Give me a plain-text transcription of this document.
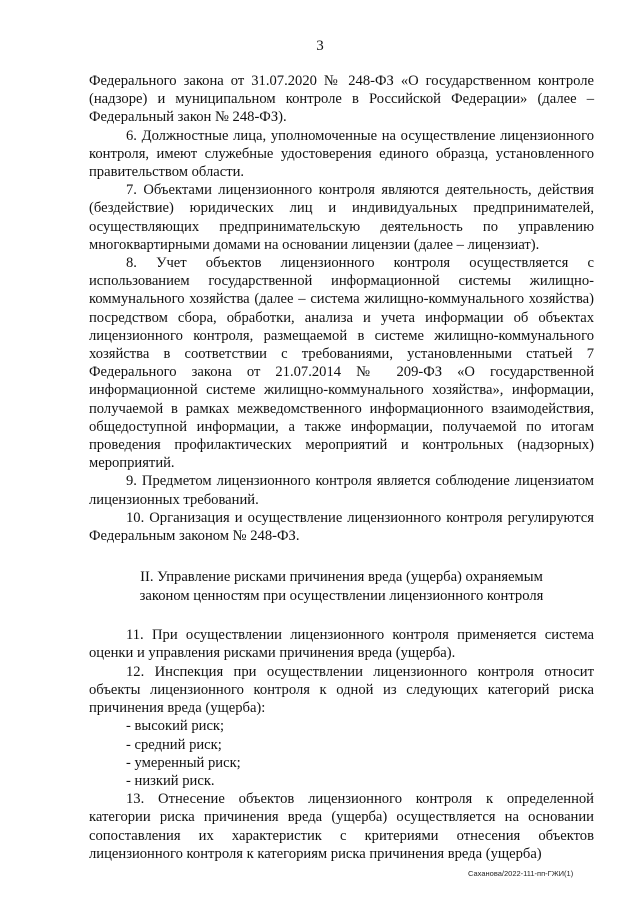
3

Федерального закона от 31.07.2020 № 248-ФЗ «О государственном контроле (надзоре) и муниципальном контроле в Российской Федерации» (далее – Федеральный закон № 248-ФЗ).

6. Должностные лица, уполномоченные на осуществление лицензионного контроля, имеют служебные удостоверения единого образца, установленного правительством области.

7. Объектами лицензионного контроля являются деятельность, действия (бездействие) юридических лиц и индивидуальных предпринимателей, осуществляющих предпринимательскую деятельность по управлению многоквартирными домами на основании лицензии (далее – лицензиат).

8. Учет объектов лицензионного контроля осуществляется с использованием государственной информационной системы жилищно-коммунального хозяйства (далее – система жилищно-коммунального хозяйства) посредством сбора, обработки, анализа и учета информации об объектах лицензионного контроля, размещаемой в системе жилищно-коммунального хозяйства в соответствии с требованиями, установленными статьей 7 Федерального закона от 21.07.2014 № 209-ФЗ «О государственной информационной системе жилищно-коммунального хозяйства», информации, получаемой в рамках межведомственного информационного взаимодействия, общедоступной информации, а также информации, получаемой по итогам проведения профилактических мероприятий и контрольных (надзорных) мероприятий.

9. Предметом лицензионного контроля является соблюдение лицензиатом лицензионных требований.

10. Организация и осуществление лицензионного контроля регулируются Федеральным законом № 248-ФЗ.

II. Управление рисками причинения вреда (ущерба) охраняемым
законом ценностям при осуществлении лицензионного контроля

11. При осуществлении лицензионного контроля применяется система оценки и управления рисками причинения вреда (ущерба).

12. Инспекция при осуществлении лицензионного контроля относит объекты лицензионного контроля к одной из следующих категорий риска причинения вреда (ущерба):

- высокий риск;

- средний риск;

- умеренный риск;

- низкий риск.

13. Отнесение объектов лицензионного контроля к определенной категории риска причинения вреда (ущерба) осуществляется на основании сопоставления их характеристик с критериями отнесения объектов лицензионного контроля к категориям риска причинения вреда (ущерба)

Саханова/2022-111-пп-ГЖИ(1)
